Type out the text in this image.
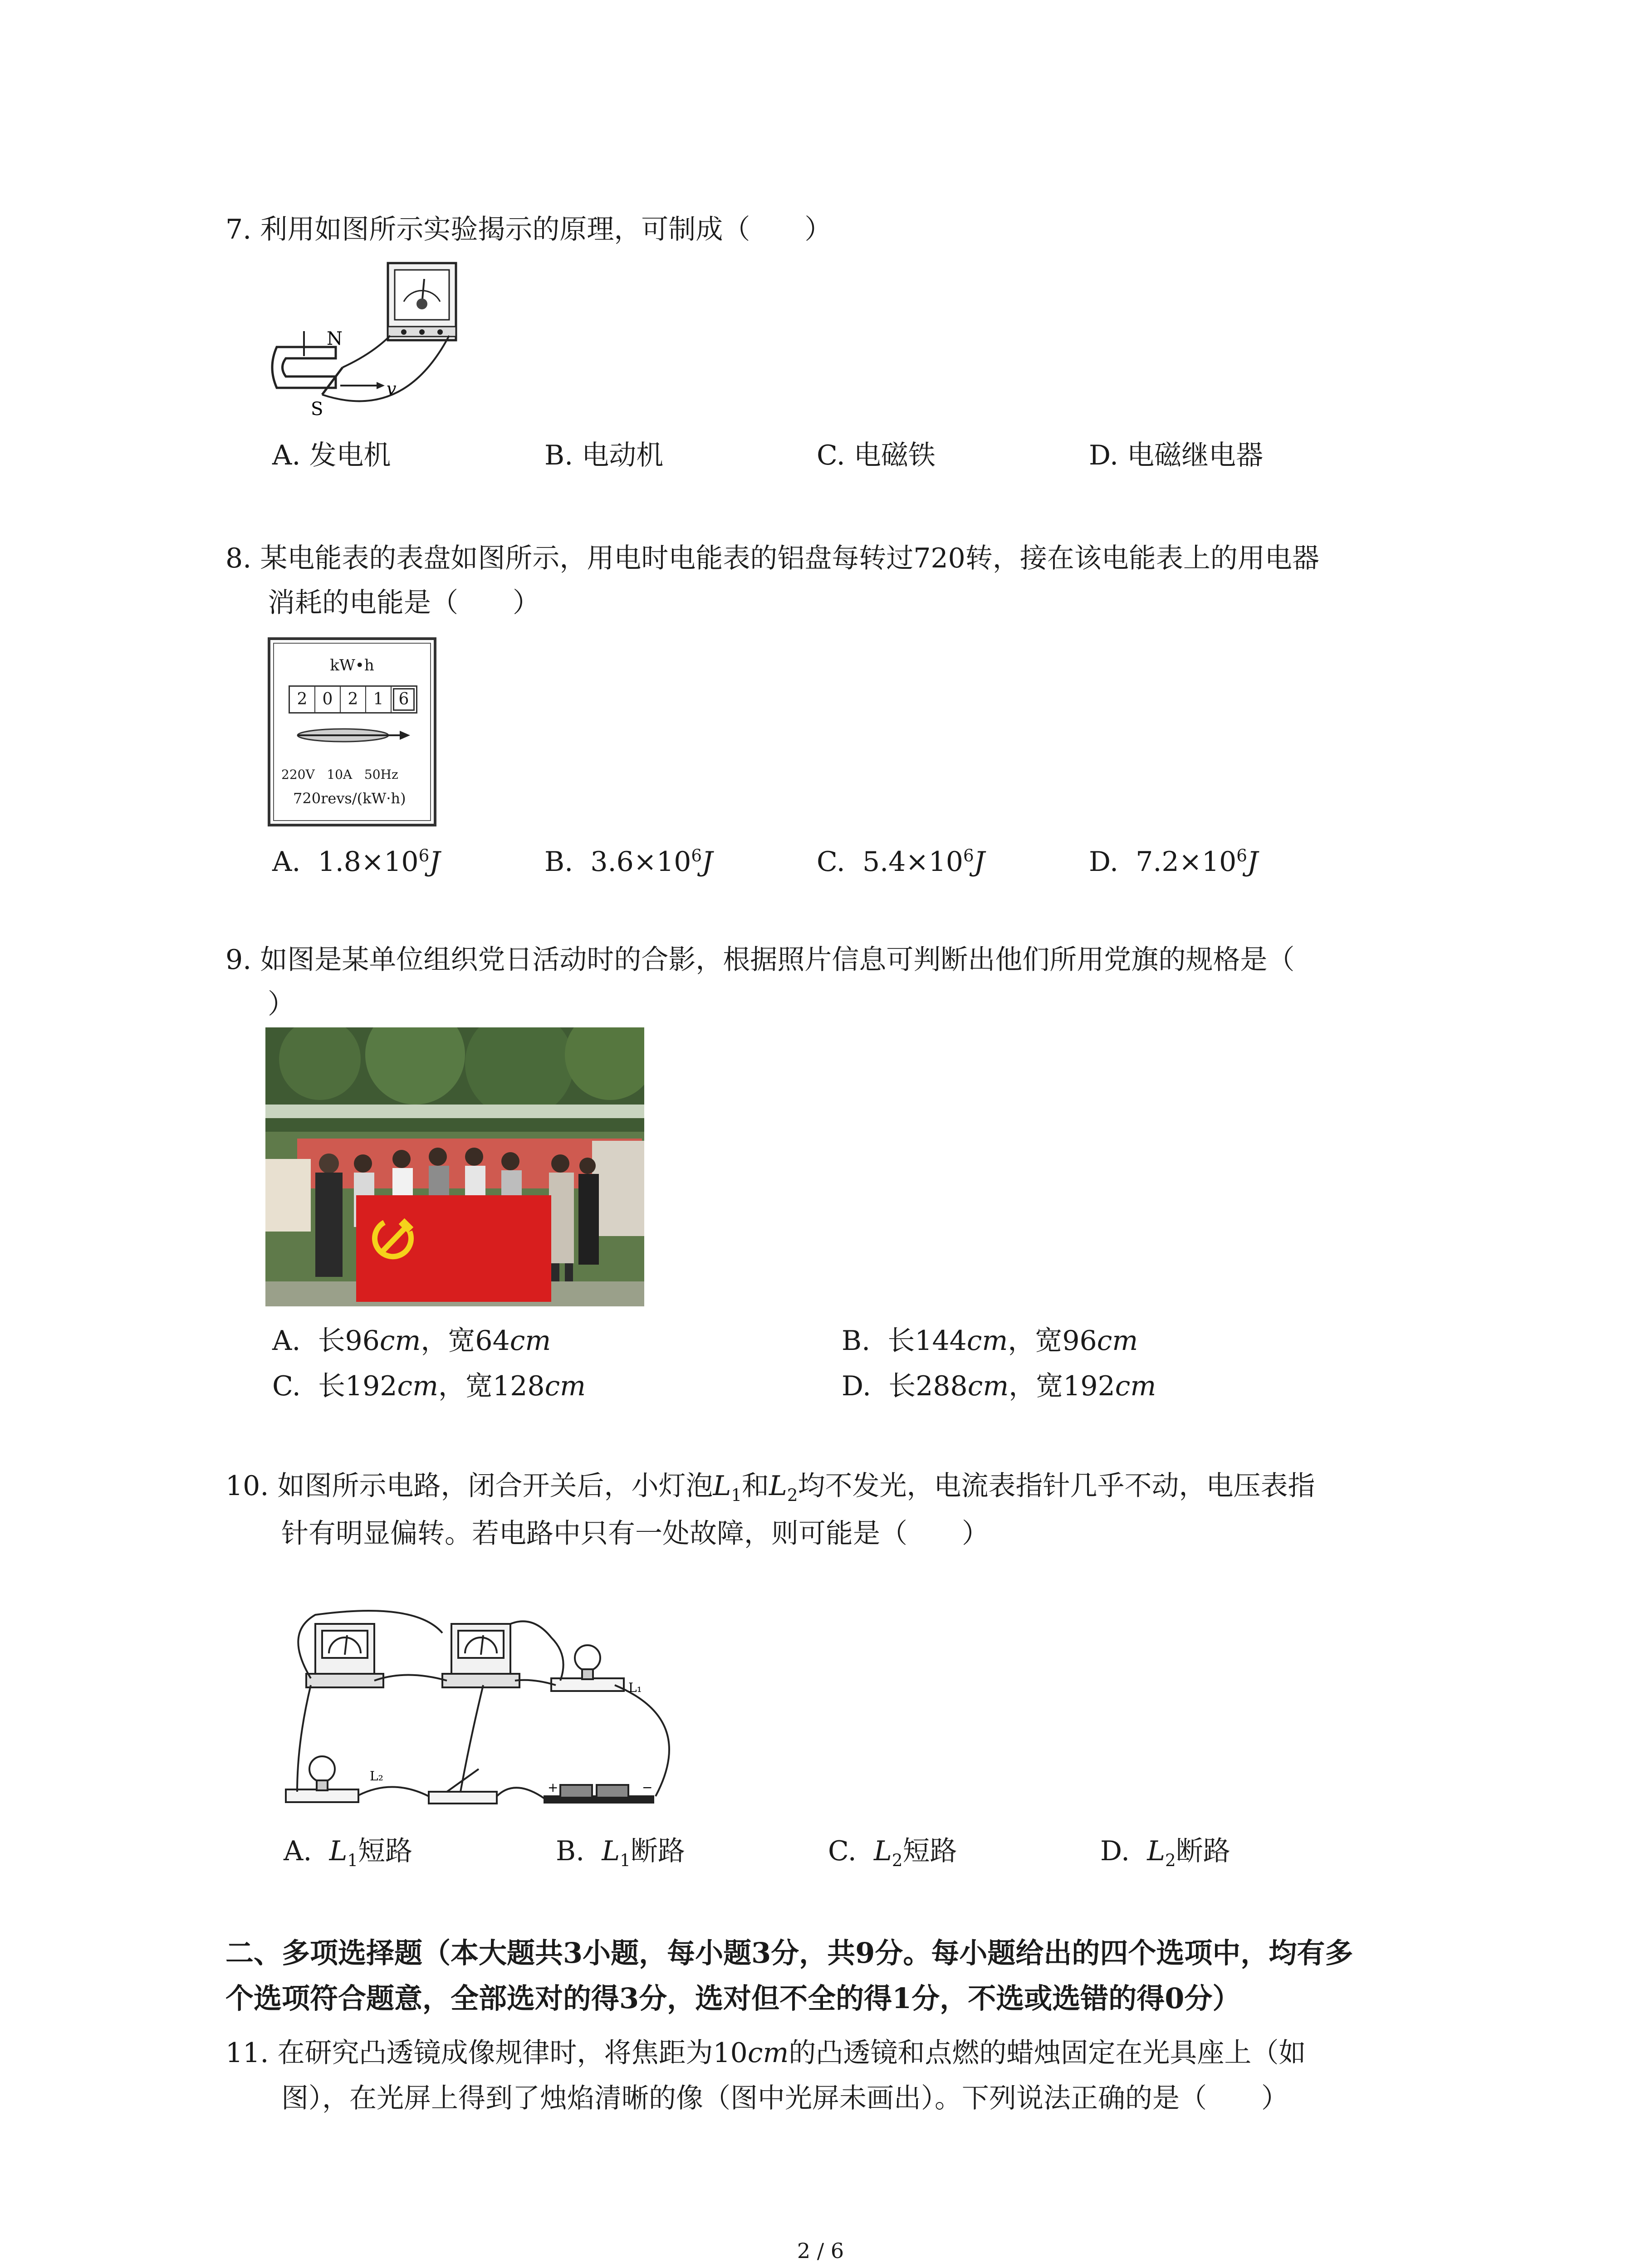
7. 利用如图所示实验揭示的原理，可制成（　　）
N
S
v
A. 发电机	B. 电动机	C. 电磁铁	D. 电磁继电器
8. 某电能表的表盘如图所示，用电时电能表的铝盘每转过720转，接在该电能表上的用电器
消耗的电能是（　　）
kW•h
2 0 2 1 6
220V   10A   50Hz
720revs/(kW·h)
A. $1.8\times 10^6J$	B. $3.6\times 10^6J$	C. $5.4\times 10^6J$	D. $7.2\times 10^6J$
9. 如图是某单位组织党日活动时的合影，根据照片信息可判断出他们所用党旗的规格是（
）
A. 长96cm，宽64cm	B. 长144cm，宽96cm
C. 长192cm，宽128cm	D. 长288cm，宽192cm
10. 如图所示电路，闭合开关后，小灯泡$L_1$和$L_2$均不发光，电流表指针几乎不动，电压表指
针有明显偏转。若电路中只有一处故障，则可能是（　　）
L₁
L₂
+	−
A. $L_1$短路	B. $L_1$断路	C. $L_2$短路	D. $L_2$断路
二、多项选择题（本大题共3小题，每小题3分，共9分。每小题给出的四个选项中，均有多
个选项符合题意，全部选对的得3分，选对但不全的得1分，不选或选错的得0分）
11. 在研究凸透镜成像规律时，将焦距为10cm的凸透镜和点燃的蜡烛固定在光具座上（如
图），在光屏上得到了烛焰清晰的像（图中光屏未画出）。下列说法正确的是（　　）
2 / 6
